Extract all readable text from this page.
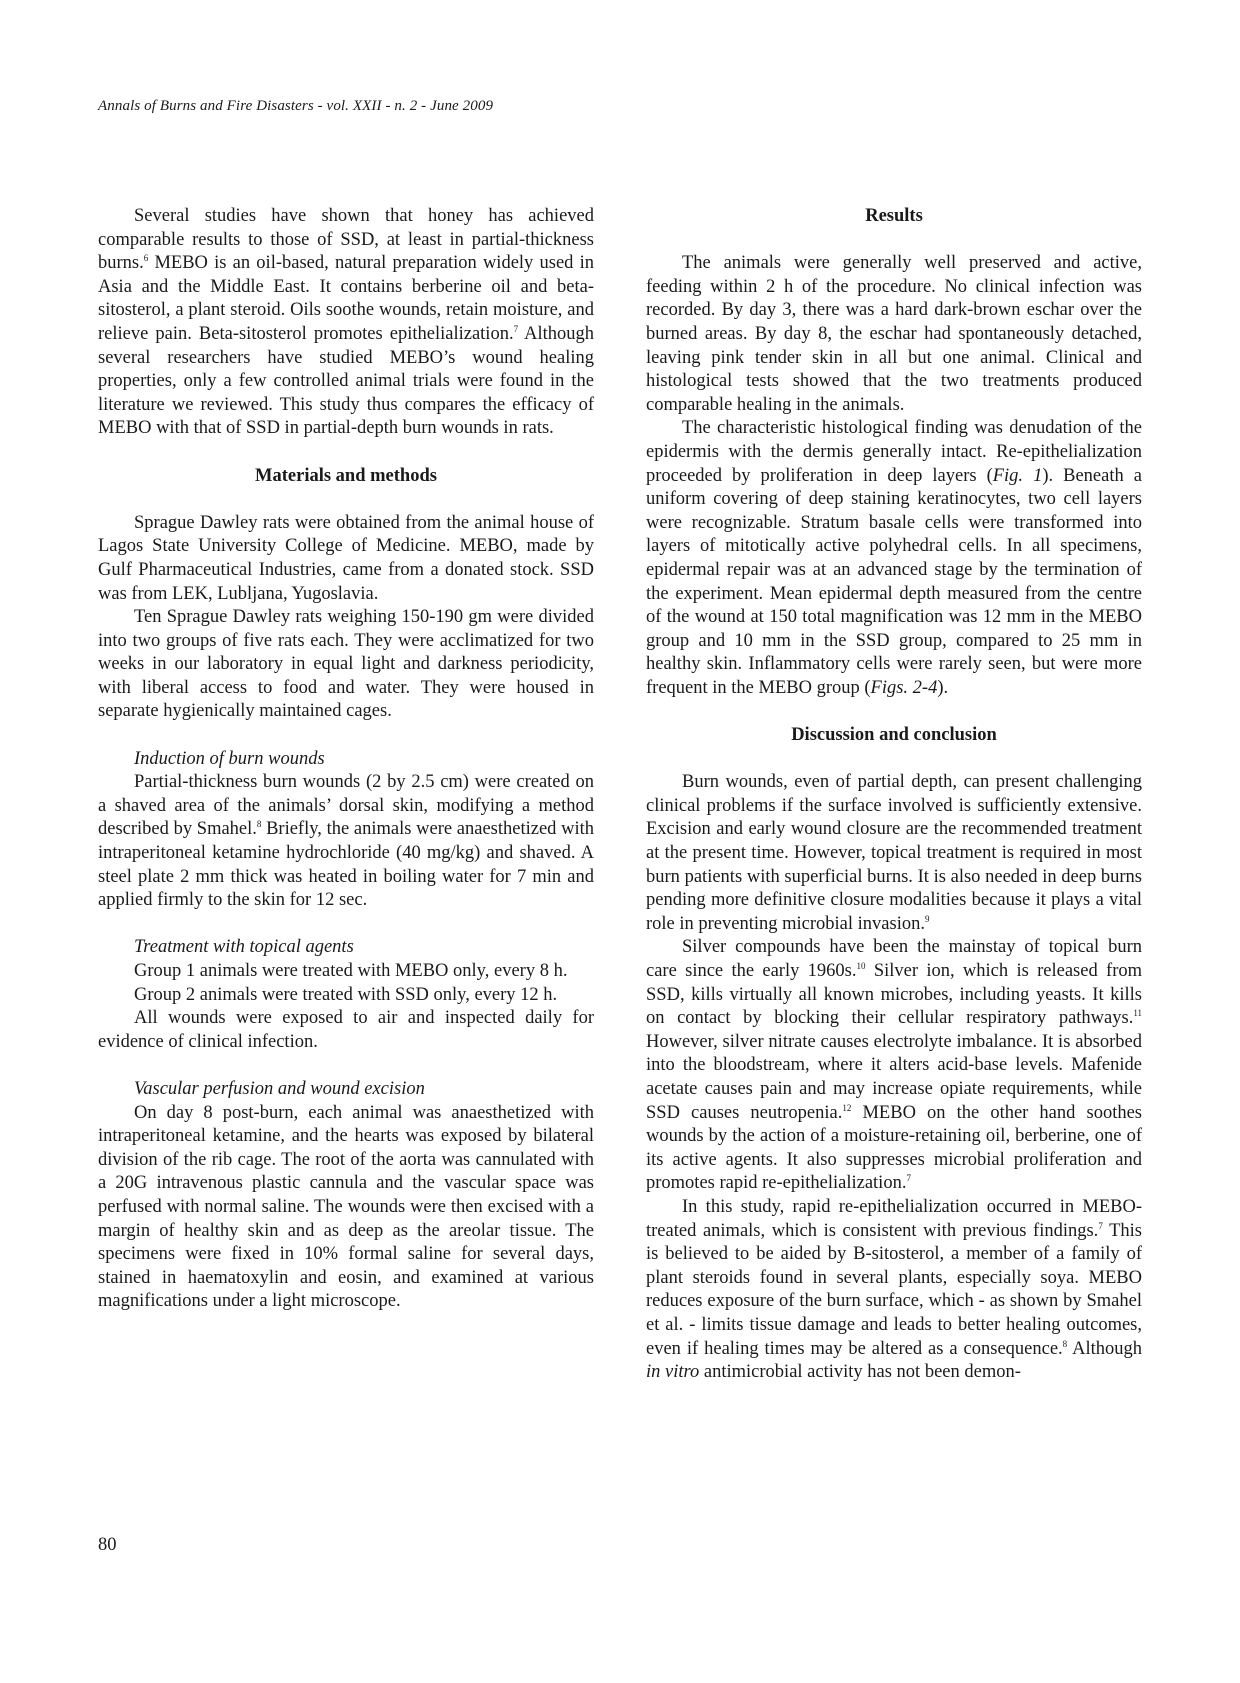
Annals of Burns and Fire Disasters - vol. XXII - n. 2 - June 2009

Several studies have shown that honey has achieved comparable results to those of SSD, at least in partial-thickness burns.$^6$ MEBO is an oil-based, natural preparation widely used in Asia and the Middle East. It contains berberine oil and beta-sitosterol, a plant steroid. Oils soothe wounds, retain moisture, and relieve pain. Beta-sitosterol promotes epithelialization.$^7$ Although several researchers have studied MEBO’s wound healing properties, only a few controlled animal trials were found in the literature we reviewed. This study thus compares the efficacy of MEBO with that of SSD in partial-depth burn wounds in rats.

Materials and methods

Sprague Dawley rats were obtained from the animal house of Lagos State University College of Medicine. MEBO, made by Gulf Pharmaceutical Industries, came from a donated stock. SSD was from LEK, Lubljana, Yugoslavia.

Ten Sprague Dawley rats weighing 150-190 gm were divided into two groups of five rats each. They were acclimatized for two weeks in our laboratory in equal light and darkness periodicity, with liberal access to food and water. They were housed in separate hygienically maintained cages.

Induction of burn wounds

Partial-thickness burn wounds (2 by 2.5 cm) were created on a shaved area of the animals’ dorsal skin, modifying a method described by Smahel.$^8$ Briefly, the animals were anaesthetized with intraperitoneal ketamine hydrochloride (40 mg/kg) and shaved. A steel plate 2 mm thick was heated in boiling water for 7 min and applied firmly to the skin for 12 sec.

Treatment with topical agents

Group 1 animals were treated with MEBO only, every 8 h.

Group 2 animals were treated with SSD only, every 12 h.

All wounds were exposed to air and inspected daily for evidence of clinical infection.

Vascular perfusion and wound excision

On day 8 post-burn, each animal was anaesthetized with intraperitoneal ketamine, and the hearts was exposed by bilateral division of the rib cage. The root of the aorta was cannulated with a 20G intravenous plastic cannula and the vascular space was perfused with normal saline. The wounds were then excised with a margin of healthy skin and as deep as the areolar tissue. The specimens were fixed in 10% formal saline for several days, stained in haematoxylin and eosin, and examined at various magnifications under a light microscope.

Results

The animals were generally well preserved and active, feeding within 2 h of the procedure. No clinical infection was recorded. By day 3, there was a hard dark-brown eschar over the burned areas. By day 8, the eschar had spontaneously detached, leaving pink tender skin in all but one animal. Clinical and histological tests showed that the two treatments produced comparable healing in the animals.

The characteristic histological finding was denudation of the epidermis with the dermis generally intact. Re-epithelialization proceeded by proliferation in deep layers (Fig. 1). Beneath a uniform covering of deep staining keratinocytes, two cell layers were recognizable. Stratum basale cells were transformed into layers of mitotically active polyhedral cells. In all specimens, epidermal repair was at an advanced stage by the termination of the experiment. Mean epidermal depth measured from the centre of the wound at 150 total magnification was 12 mm in the MEBO group and 10 mm in the SSD group, compared to 25 mm in healthy skin. Inflammatory cells were rarely seen, but were more frequent in the MEBO group (Figs. 2-4).

Discussion and conclusion

Burn wounds, even of partial depth, can present challenging clinical problems if the surface involved is sufficiently extensive. Excision and early wound closure are the recommended treatment at the present time. However, topical treatment is required in most burn patients with superficial burns. It is also needed in deep burns pending more definitive closure modalities because it plays a vital role in preventing microbial invasion.$^9$

Silver compounds have been the mainstay of topical burn care since the early 1960s.$^{10}$ Silver ion, which is released from SSD, kills virtually all known microbes, including yeasts. It kills on contact by blocking their cellular respiratory pathways.$^{11}$ However, silver nitrate causes electrolyte imbalance. It is absorbed into the bloodstream, where it alters acid-base levels. Mafenide acetate causes pain and may increase opiate requirements, while SSD causes neutropenia.$^{12}$ MEBO on the other hand soothes wounds by the action of a moisture-retaining oil, berberine, one of its active agents. It also suppresses microbial proliferation and promotes rapid re-epithelialization.$^7$

In this study, rapid re-epithelialization occurred in MEBO-treated animals, which is consistent with previous findings.$^7$ This is believed to be aided by B-sitosterol, a member of a family of plant steroids found in several plants, especially soya. MEBO reduces exposure of the burn surface, which - as shown by Smahel et al. - limits tissue damage and leads to better healing outcomes, even if healing times may be altered as a consequence.$^8$ Although in vitro antimicrobial activity has not been demon-

80
